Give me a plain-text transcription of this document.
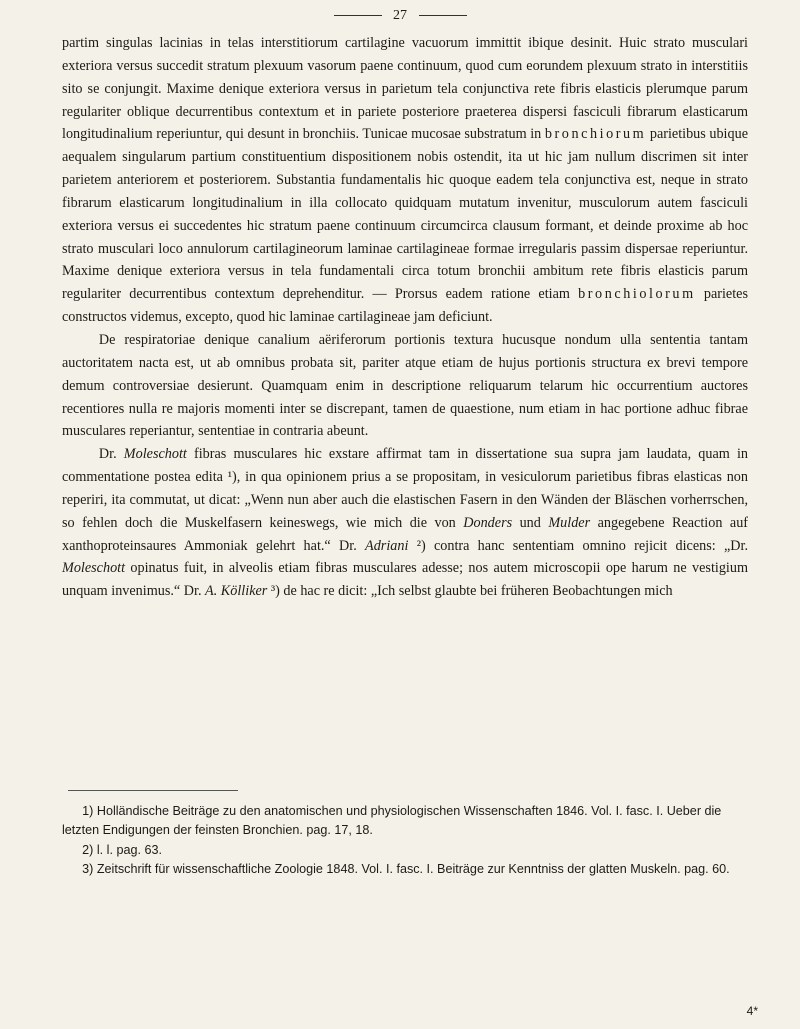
27

partim singulas lacinias in telas interstitiorum cartilagine vacuorum immittit ibique desinit. Huic strato musculari exteriora versus succedit stratum plexuum vasorum paene continuum, quod cum eorundem plexuum strato in interstitiis sito se conjungit. Maxime denique exteriora versus in parietum tela conjunctiva rete fibris elasticis plerumque parum regulariter oblique decurrentibus contextum et in pariete posteriore praeterea dispersi fasciculi fibrarum elasticarum longitudinalium reperiuntur, qui desunt in bronchiis. Tunicae mucosae substratum in bronchiorum parietibus ubique aequalem singularum partium constituentium dispositionem nobis ostendit, ita ut hic jam nullum discrimen sit inter parietem anteriorem et posteriorem. Substantia fundamentalis hic quoque eadem tela conjunctiva est, neque in strato fibrarum elasticarum longitudinalium in illa collocato quidquam mutatum invenitur, musculorum autem fasciculi exteriora versus ei succedentes hic stratum paene continuum circumcirca clausum formant, et deinde proxime ab hoc strato musculari loco annulorum cartilagineorum laminae cartilagineae formae irregularis passim dispersae reperiuntur. Maxime denique exteriora versus in tela fundamentali circa totum bronchii ambitum rete fibris elasticis parum regulariter decurrentibus contextum deprehenditur. — Prorsus eadem ratione etiam bronchiolorum parietes constructos videmus, excepto, quod hic laminae cartilagineae jam deficiunt.

De respiratoriae denique canalium aëriferorum portionis textura hucusque nondum ulla sententia tantam auctoritatem nacta est, ut ab omnibus probata sit, pariter atque etiam de hujus portionis structura ex brevi tempore demum controversiae desierunt. Quamquam enim in descriptione reliquarum telarum hic occurrentium auctores recentiores nulla re majoris momenti inter se discrepant, tamen de quaestione, num etiam in hac portione adhuc fibrae musculares reperiantur, sententiae in contraria abeunt.

Dr. Moleschott fibras musculares hic exstare affirmat tam in dissertatione sua supra jam laudata, quam in commentatione postea edita ¹), in qua opinionem prius a se propositam, in vesiculorum parietibus fibras elasticas non reperiri, ita commutat, ut dicat: „Wenn nun aber auch die elastischen Fasern in den Wänden der Bläschen vorherrschen, so fehlen doch die Muskelfasern keineswegs, wie mich die von Donders und Mulder angegebene Reaction auf xanthoproteinsaures Ammoniak gelehrt hat.“ Dr. Adriani ²) contra hanc sententiam omnino rejicit dicens: „Dr. Moleschott opinatus fuit, in alveolis etiam fibras musculares adesse; nos autem microscopii ope harum ne vestigium unquam invenimus.“ Dr. A. Kölliker ³) de hac re dicit: „Ich selbst glaubte bei früheren Beobachtungen mich

1) Holländische Beiträge zu den anatomischen und physiologischen Wissenschaften 1846. Vol. I. fasc. I. Ueber die letzten Endigungen der feinsten Bronchien. pag. 17, 18.

2) l. l. pag. 63.

3) Zeitschrift für wissenschaftliche Zoologie 1848. Vol. I. fasc. I. Beiträge zur Kenntniss der glatten Muskeln. pag. 60.

4*
